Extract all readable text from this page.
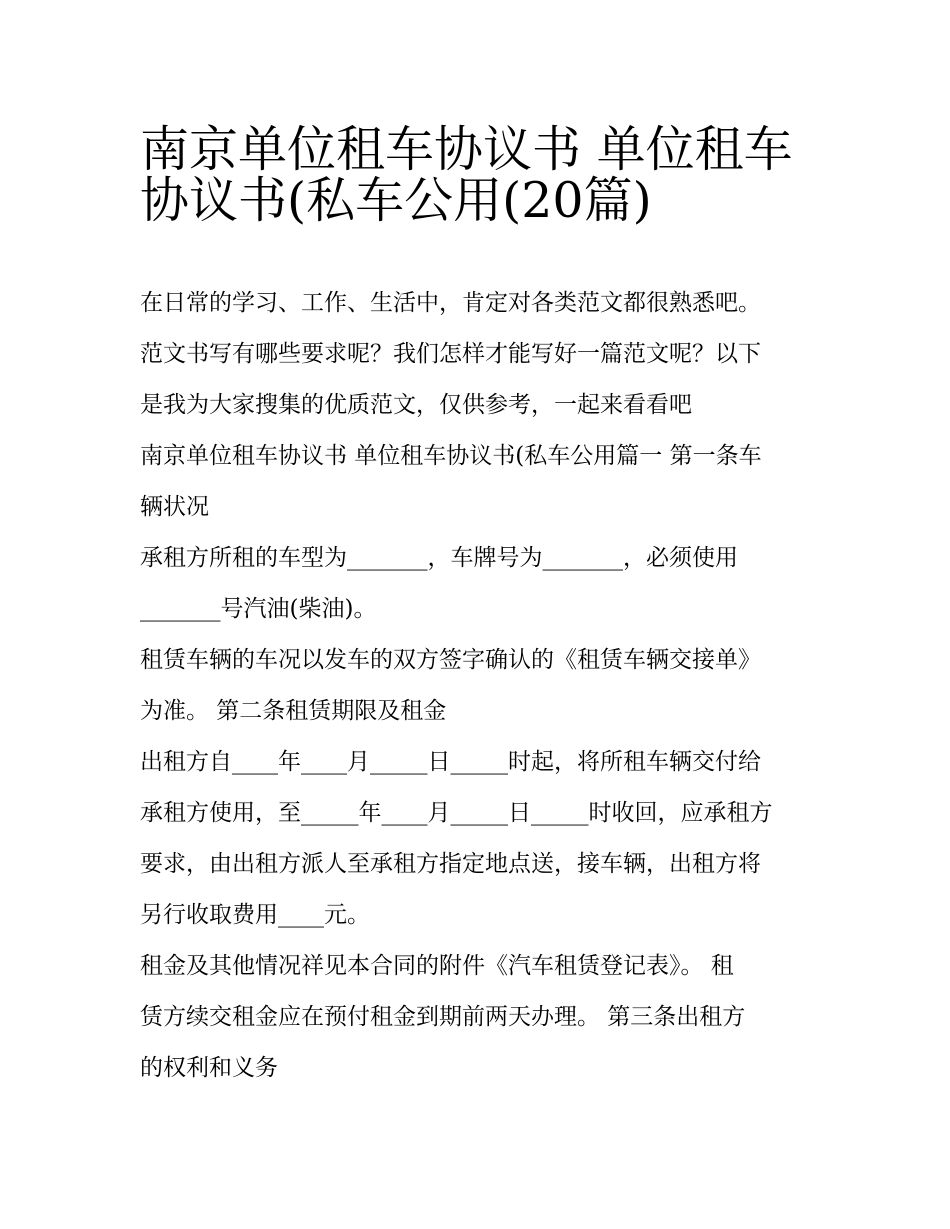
南京单位租车协议书 单位租车
协议书(私车公用(20篇)
在日常的学习、工作、生活中，肯定对各类范文都很熟悉吧。
范文书写有哪些要求呢？我们怎样才能写好一篇范文呢？以下
是我为大家搜集的优质范文，仅供参考，一起来看看吧
南京单位租车协议书 单位租车协议书(私车公用篇一 第一条车
辆状况
承租方所租的车型为_______，车牌号为_______，必须使用
_______号汽油(柴油)。
租赁车辆的车况以发车的双方签字确认的《租赁车辆交接单》
为准。 第二条租赁期限及租金
出租方自____年____月_____日_____时起，将所租车辆交付给
承租方使用，至_____年____月_____日_____时收回，应承租方
要求，由出租方派人至承租方指定地点送，接车辆，出租方将
另行收取费用____元。
租金及其他情况祥见本合同的附件《汽车租赁登记表》。 租
赁方续交租金应在预付租金到期前两天办理。 第三条出租方
的权利和义务
